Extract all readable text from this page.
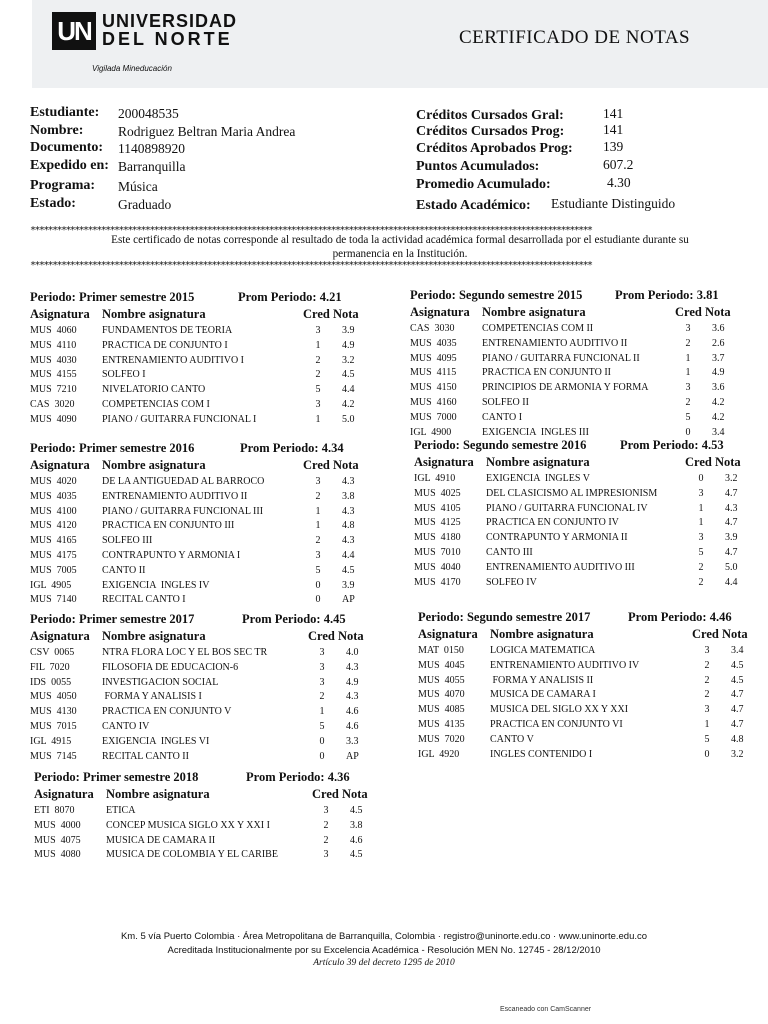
UN UNIVERSIDAD
DEL NORTE
Vigilada Mineducación
CERTIFICADO DE NOTAS
Estudiante: 200048535
Nombre:	Rodriguez Beltran Maria Andrea
Documento: 1140898920
Expedido en: Barranquilla
Programa: Música
Estado:	Graduado
Créditos Cursados Gral:	141
Créditos Cursados Prog:	141
Créditos Aprobados Prog: 139
Puntos Acumulados:	607.2
Promedio Acumulado:	4.30
Estado Académico: Estudiante Distinguido
*******************************************************************************************************************************
Este certificado de notas corresponde al resultado de toda la actividad académica formal desarrollada por el estudiante durante su
permanencia en la Institución.
*******************************************************************************************************************************
Periodo: Primer semestre 2015	Prom Periodo: 4.21
Asignatura Nombre asignatura	Cred Nota
MUS  4060	FUNDAMENTOS DE TEORIA	3	3.9
MUS  4110	PRACTICA DE CONJUNTO I	1	4.9
MUS  4030	ENTRENAMIENTO AUDITIVO I	2	3.2
MUS  4155	SOLFEO I	2	4.5
MUS  7210	NIVELATORIO CANTO	5	4.4
CAS  3020	COMPETENCIAS COM I	3	4.2
MUS  4090	PIANO / GUITARRA FUNCIONAL I	1	5.0
Periodo: Segundo semestre 2015	Prom Periodo: 3.81
Asignatura Nombre asignatura	Cred Nota
CAS  3030	COMPETENCIAS COM II	3	3.6
MUS  4035	ENTRENAMIENTO AUDITIVO II	2	2.6
MUS  4095	PIANO / GUITARRA FUNCIONAL II	1	3.7
MUS  4115	PRACTICA EN CONJUNTO II	1	4.9
MUS  4150	PRINCIPIOS DE ARMONIA Y FORMA	3	3.6
MUS  4160	SOLFEO II	2	4.2
MUS  7000	CANTO I	5	4.2
IGL  4900	EXIGENCIA  INGLES III	0	3.4
Periodo: Primer semestre 2016	Prom Periodo: 4.34
Asignatura Nombre asignatura	Cred Nota
MUS  4020	DE LA ANTIGUEDAD AL BARROCO	3	4.3
MUS  4035	ENTRENAMIENTO AUDITIVO II	2	3.8
MUS  4100	PIANO / GUITARRA FUNCIONAL III	1	4.3
MUS  4120	PRACTICA EN CONJUNTO III	1	4.8
MUS  4165	SOLFEO III	2	4.3
MUS  4175	CONTRAPUNTO Y ARMONIA I	3	4.4
MUS  7005	CANTO II	5	4.5
IGL  4905	EXIGENCIA  INGLES IV	0	3.9
MUS  7140	RECITAL CANTO I	0	AP
Periodo: Segundo semestre 2016	Prom Periodo: 4.53
Asignatura Nombre asignatura	Cred Nota
IGL  4910	EXIGENCIA  INGLES V	0	3.2
MUS  4025	DEL CLASICISMO AL IMPRESIONISM	3	4.7
MUS  4105	PIANO / GUITARRA FUNCIONAL IV	1	4.3
MUS  4125	PRACTICA EN CONJUNTO IV	1	4.7
MUS  4180	CONTRAPUNTO Y ARMONIA II	3	3.9
MUS  7010	CANTO III	5	4.7
MUS  4040	ENTRENAMIENTO AUDITIVO III	2	5.0
MUS  4170	SOLFEO IV	2	4.4
Periodo: Primer semestre 2017	Prom Periodo: 4.45
Asignatura Nombre asignatura	Cred Nota
CSV  0065	NTRA FLORA LOC Y EL BOS SEC TR	3	4.0
FIL  7020	FILOSOFIA DE EDUCACION-6	3	4.3
IDS  0055	INVESTIGACION SOCIAL	3	4.9
MUS  4050	FORMA Y ANALISIS I	2	4.3
MUS  4130	PRACTICA EN CONJUNTO V	1	4.6
MUS  7015	CANTO IV	5	4.6
IGL  4915	EXIGENCIA  INGLES VI	0	3.3
MUS  7145	RECITAL CANTO II	0	AP
Periodo: Segundo semestre 2017	Prom Periodo: 4.46
Asignatura Nombre asignatura	Cred Nota
MAT  0150	LOGICA MATEMATICA	3	3.4
MUS  4045	ENTRENAMIENTO AUDITIVO IV	2	4.5
MUS  4055	FORMA Y ANALISIS II	2	4.5
MUS  4070	MUSICA DE CAMARA I	2	4.7
MUS  4085	MUSICA DEL SIGLO XX Y XXI	3	4.7
MUS  4135	PRACTICA EN CONJUNTO VI	1	4.7
MUS  7020	CANTO V	5	4.8
IGL  4920	INGLES CONTENIDO I	0	3.2
Periodo: Primer semestre 2018	Prom Periodo: 4.36
Asignatura Nombre asignatura	Cred Nota
ETI  8070	ETICA	3	4.5
MUS  4000	CONCEP MUSICA SIGLO XX Y XXI I	2	3.8
MUS  4075	MUSICA DE CAMARA II	2	4.6
MUS  4080	MUSICA DE COLOMBIA Y EL CARIBE	3	4.5
Km. 5 vía Puerto Colombia · Área Metropolitana de Barranquilla, Colombia · registro@uninorte.edu.co · www.uninorte.edu.co
Acreditada Institucionalmente por su Excelencia Académica - Resolución MEN No. 12745 - 28/12/2010
Artículo 39 del decreto 1295 de 2010
Escaneado con CamScanner
